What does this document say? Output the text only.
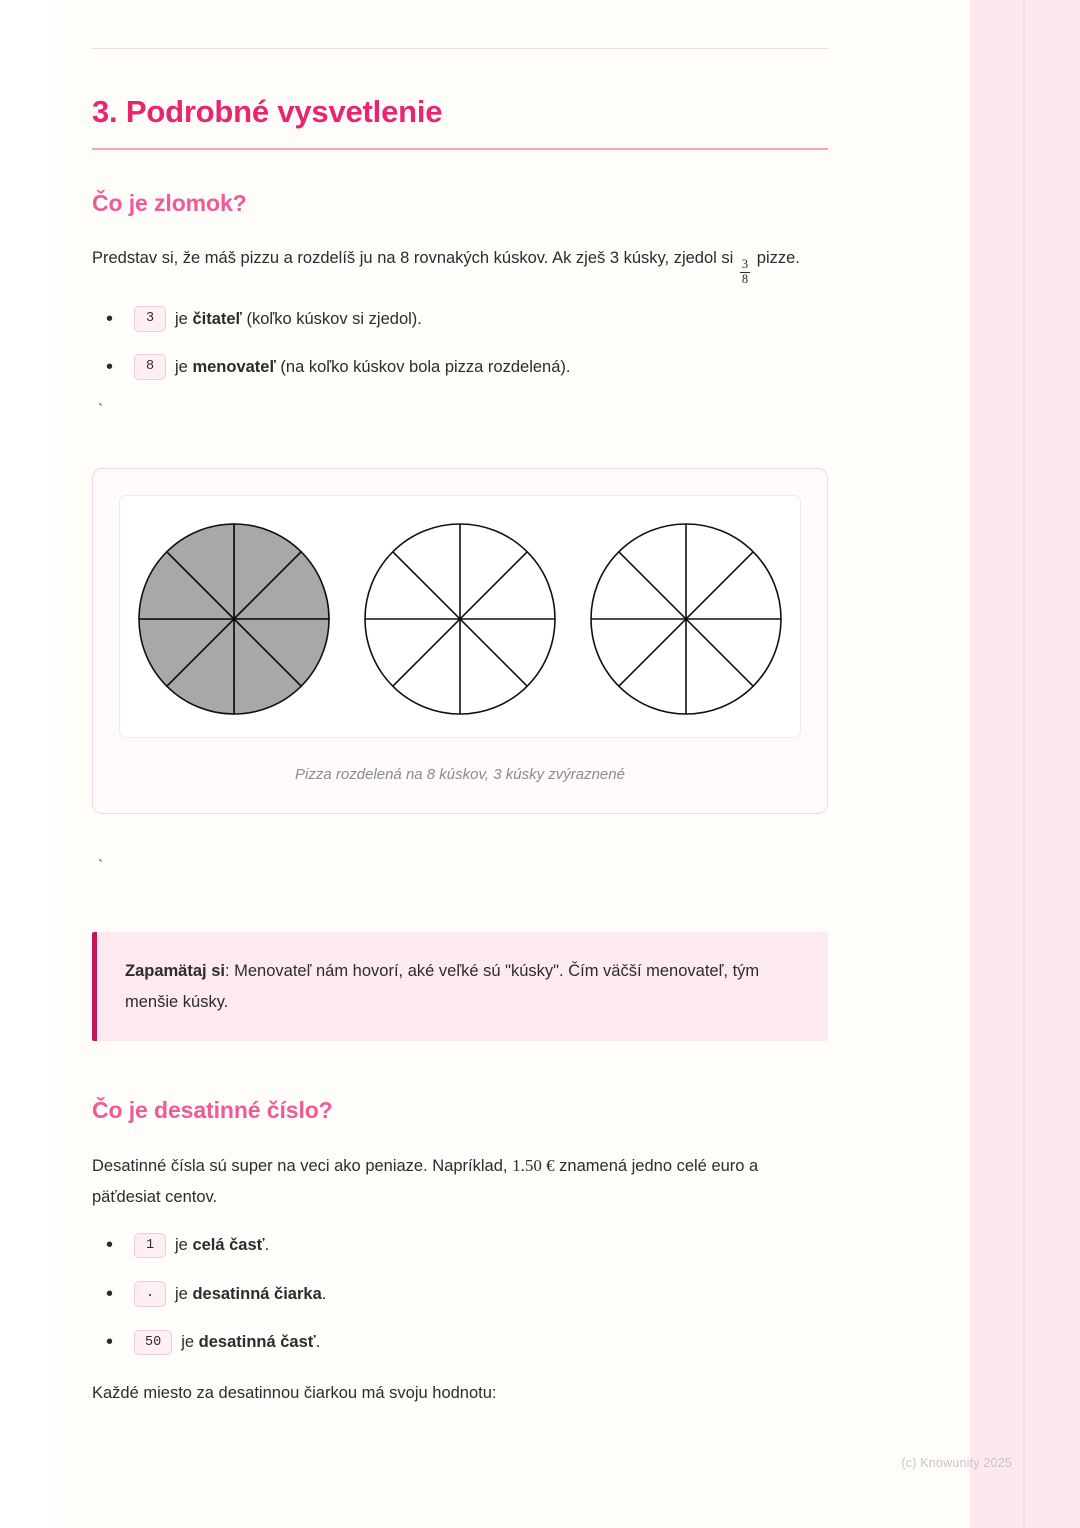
3. Podrobné vysvetlenie
Čo je zlomok?

Predstav si, že máš pizzu a rozdelíš ju na 8 rovnakých kúskov. Ak zješ 3 kúsky, zjedol si
$\frac{3}{8}$
pizze.

• 3	je
čitateľ
(koľko kúskov si zjedol).
• 8	je
menovateľ
(na koľko kúskov bola pizza rozdelená).
`
Pizza rozdelená na 8 kúskov, 3 kúsky zvýraznené
`

Zapamätaj si: Menovateľ nám hovorí, aké veľké sú "kúsky". Čím väčší menovateľ, tým menšie kúsky.

Čo je desatinné číslo?

Desatinné čísla sú super na veci ako peniaze. Napríklad, 1.50 € znamená jedno celé euro a päťdesiat centov.

• 1	je
celá časť .
• .	je
desatinná čiarka .
• 50	je
desatinná časť .

Každé miesto za desatinnou čiarkou má svoju hodnotu:

(c) Knowunity 2025
